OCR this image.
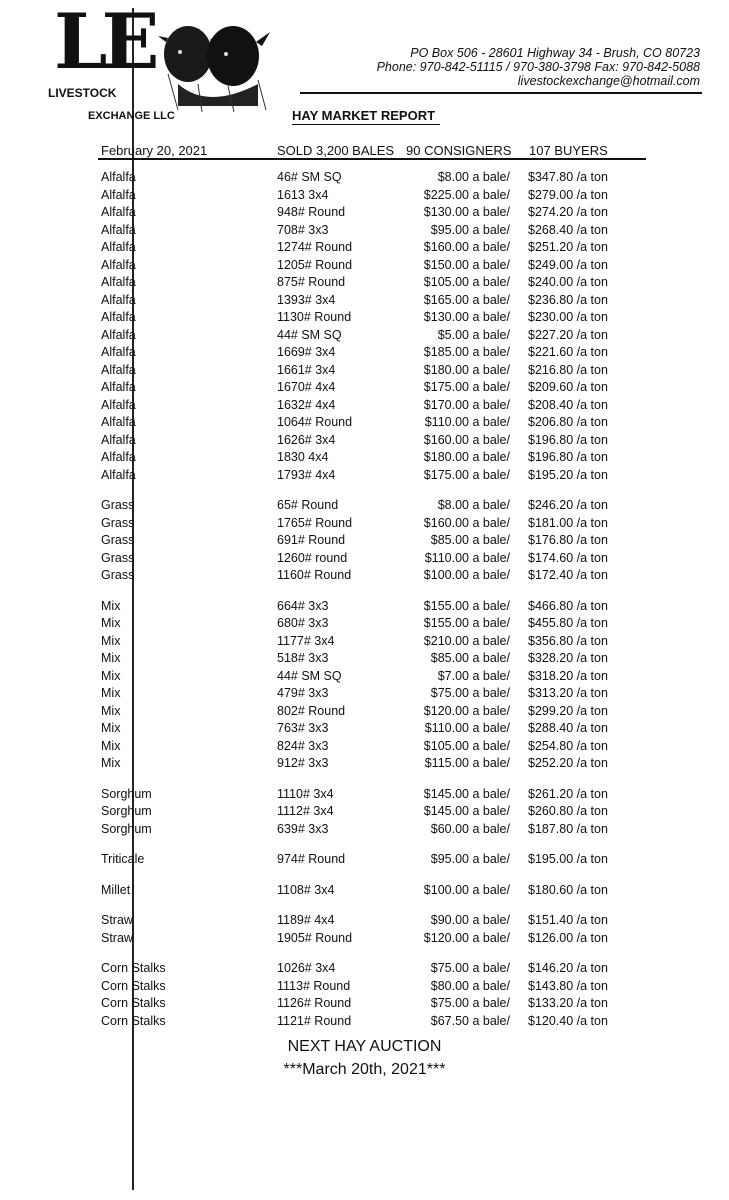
LE
LIVESTOCK
EXCHANGE LLC
PO Box 506 - 28601 Highway 34 - Brush, CO 80723
Phone: 970-842-51115 / 970-380-3798 Fax: 970-842-5088
livestockexchange@hotmail.com
HAY MARKET REPORT
February 20, 2021	SOLD 3,200 BALES 90 CONSIGNERS 107 BUYERS
Alfalfa	46# SM SQ	$8.00 a bale/ $347.80 /a ton
Alfalfa	1613 3x4	$225.00 a bale/ $279.00 /a ton
Alfalfa	948# Round	$130.00 a bale/ $274.20 /a ton
Alfalfa	708# 3x3	$95.00 a bale/ $268.40 /a ton
Alfalfa	1274# Round	$160.00 a bale/ $251.20 /a ton
Alfalfa	1205# Round	$150.00 a bale/ $249.00 /a ton
Alfalfa	875# Round	$105.00 a bale/ $240.00 /a ton
Alfalfa	1393# 3x4	$165.00 a bale/ $236.80 /a ton
Alfalfa	1130# Round	$130.00 a bale/ $230.00 /a ton
Alfalfa	44# SM SQ	$5.00 a bale/ $227.20 /a ton
Alfalfa	1669# 3x4	$185.00 a bale/ $221.60 /a ton
Alfalfa	1661# 3x4	$180.00 a bale/ $216.80 /a ton
Alfalfa	1670# 4x4	$175.00 a bale/ $209.60 /a ton
Alfalfa	1632# 4x4	$170.00 a bale/ $208.40 /a ton
Alfalfa	1064# Round	$110.00 a bale/ $206.80 /a ton
Alfalfa	1626# 3x4	$160.00 a bale/ $196.80 /a ton
Alfalfa	1830 4x4	$180.00 a bale/ $196.80 /a ton
Alfalfa	1793# 4x4	$175.00 a bale/ $195.20 /a ton
Grass	65# Round	$8.00 a bale/ $246.20 /a ton
Grass	1765# Round	$160.00 a bale/ $181.00 /a ton
Grass	691# Round	$85.00 a bale/ $176.80 /a ton
Grass	1260# round	$110.00 a bale/ $174.60 /a ton
Grass	1160# Round	$100.00 a bale/ $172.40 /a ton
Mix	664# 3x3	$155.00 a bale/ $466.80 /a ton
Mix	680# 3x3	$155.00 a bale/ $455.80 /a ton
Mix	1177# 3x4	$210.00 a bale/ $356.80 /a ton
Mix	518# 3x3	$85.00 a bale/ $328.20 /a ton
Mix	44# SM SQ	$7.00 a bale/ $318.20 /a ton
Mix	479# 3x3	$75.00 a bale/ $313.20 /a ton
Mix	802# Round	$120.00 a bale/ $299.20 /a ton
Mix	763# 3x3	$110.00 a bale/ $288.40 /a ton
Mix	824# 3x3	$105.00 a bale/ $254.80 /a ton
Mix	912# 3x3	$115.00 a bale/ $252.20 /a ton
Sorghum	1110# 3x4	$145.00 a bale/ $261.20 /a ton
Sorghum	1112# 3x4	$145.00 a bale/ $260.80 /a ton
Sorghum	639# 3x3	$60.00 a bale/ $187.80 /a ton
Triticale	974# Round	$95.00 a bale/ $195.00 /a ton
Millet	1108# 3x4	$100.00 a bale/ $180.60 /a ton
Straw	1189# 4x4	$90.00 a bale/ $151.40 /a ton
Straw	1905# Round	$120.00 a bale/ $126.00 /a ton
Corn Stalks	1026# 3x4	$75.00 a bale/ $146.20 /a ton
Corn Stalks	1113# Round	$80.00 a bale/ $143.80 /a ton
Corn Stalks	1126# Round	$75.00 a bale/ $133.20 /a ton
Corn Stalks	1121# Round	$67.50 a bale/ $120.40 /a ton
NEXT HAY AUCTION
***March 20th, 2021***
